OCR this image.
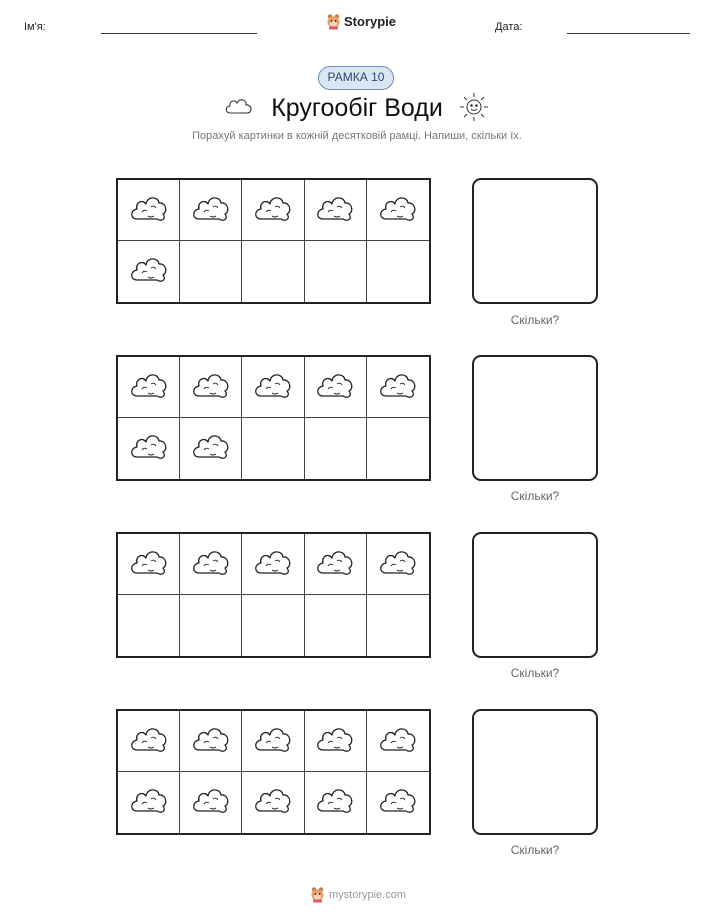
Ім'я:	Storypie	Дата:
РАМКА 10
Кругообіг Води
Порахуй картинки в кожній десятковій рамці. Напиши, скільки їх.
Скільки?
Скільки?
Скільки?
Скільки?
mystorypie.com
